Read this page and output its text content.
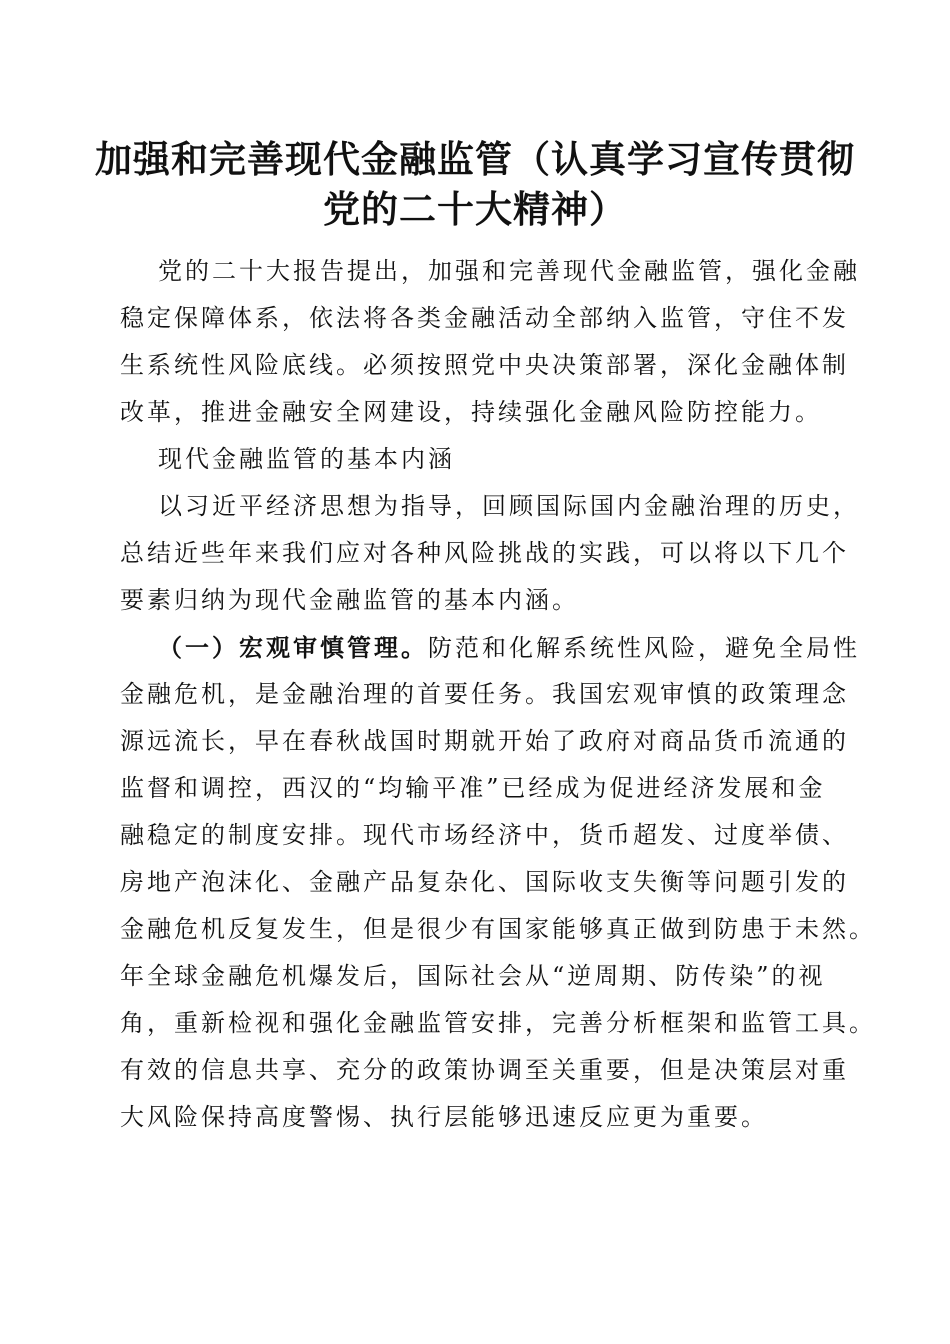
加强和完善现代金融监管（认真学习宣传贯彻
党的二十大精神）
党的二十大报告提出，加强和完善现代金融监管，强化金融
稳定保障体系，依法将各类金融活动全部纳入监管，守住不发
生系统性风险底线。必须按照党中央决策部署，深化金融体制
改革，推进金融安全网建设，持续强化金融风险防控能力。
现代金融监管的基本内涵
以习近平经济思想为指导，回顾国际国内金融治理的历史，
总结近些年来我们应对各种风险挑战的实践，可以将以下几个
要素归纳为现代金融监管的基本内涵。
（一）宏观审慎管理。防范和化解系统性风险，避免全局性
金融危机，是金融治理的首要任务。我国宏观审慎的政策理念
源远流长，早在春秋战国时期就开始了政府对商品货币流通的
监督和调控，西汉的“均输平准”已经成为促进经济发展和金
融稳定的制度安排。现代市场经济中，货币超发、过度举债、
房地产泡沫化、金融产品复杂化、国际收支失衡等问题引发的
金融危机反复发生，但是很少有国家能够真正做到防患于未然。
年全球金融危机爆发后，国际社会从“逆周期、防传染”的视
角，重新检视和强化金融监管安排，完善分析框架和监管工具。
有效的信息共享、充分的政策协调至关重要，但是决策层对重
大风险保持高度警惕、执行层能够迅速反应更为重要。
